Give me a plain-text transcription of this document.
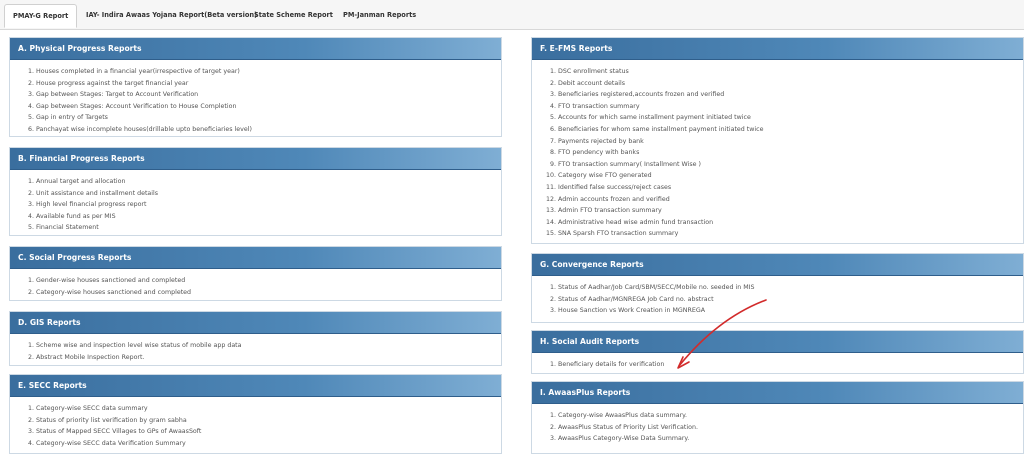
PMAY-G Report	IAY- Indira Awaas Yojana Report(Beta version)
State Scheme Report	PM-Janman Reports
A. Physical Progress Reports
1. Houses completed in a financial year(irrespective of target year)
2. House progress against the target financial year
3. Gap between Stages: Target to Account Verification
4. Gap between Stages: Account Verification to House Completion
5. Gap in entry of Targets
6. Panchayat wise incomplete houses(drillable upto beneficiaries level)
B. Financial Progress Reports
1. Annual target and allocation
2. Unit assistance and installment details
3. High level financial progress report
4. Available fund as per MIS
5. Financial Statement
C. Social Progress Reports
1. Gender-wise houses sanctioned and completed
2. Category-wise houses sanctioned and completed
D. GIS Reports
1. Scheme wise and inspection level wise status of mobile app data
2. Abstract Mobile Inspection Report.
E. SECC Reports
1. Category-wise SECC data summary
2. Status of priority list verification by gram sabha
3. Status of Mapped SECC Villages to GPs of AwaasSoft
4. Category-wise SECC data Verification Summary
F. E-FMS Reports
1. DSC enrollment status
2. Debit account details
3. Beneficiaries registered,accounts frozen and verified
4. FTO transaction summary
5. Accounts for which same installment payment initiated twice
6. Beneficiaries for whom same installment payment initiated twice
7. Payments rejected by bank
8. FTO pendency with banks
9. FTO transaction summary( Installment Wise )
10. Category wise FTO generated
11. Identified false success/reject cases
12. Admin accounts frozen and verified
13. Admin FTO transaction summary
14. Administrative head wise admin fund transaction
15. SNA Sparsh FTO transaction summary
G. Convergence Reports
1. Status of Aadhar/Job Card/SBM/SECC/Mobile no. seeded in MIS
2. Status of Aadhar/MGNREGA Job Card no. abstract
3. House Sanction vs Work Creation in MGNREGA
H. Social Audit Reports
1. Beneficiary details for verification
I. AwaasPlus Reports
1. Category-wise AwaasPlus data summary.
2. AwaasPlus Status of Priority List Verification.
3. AwaasPlus Category-Wise Data Summary.
